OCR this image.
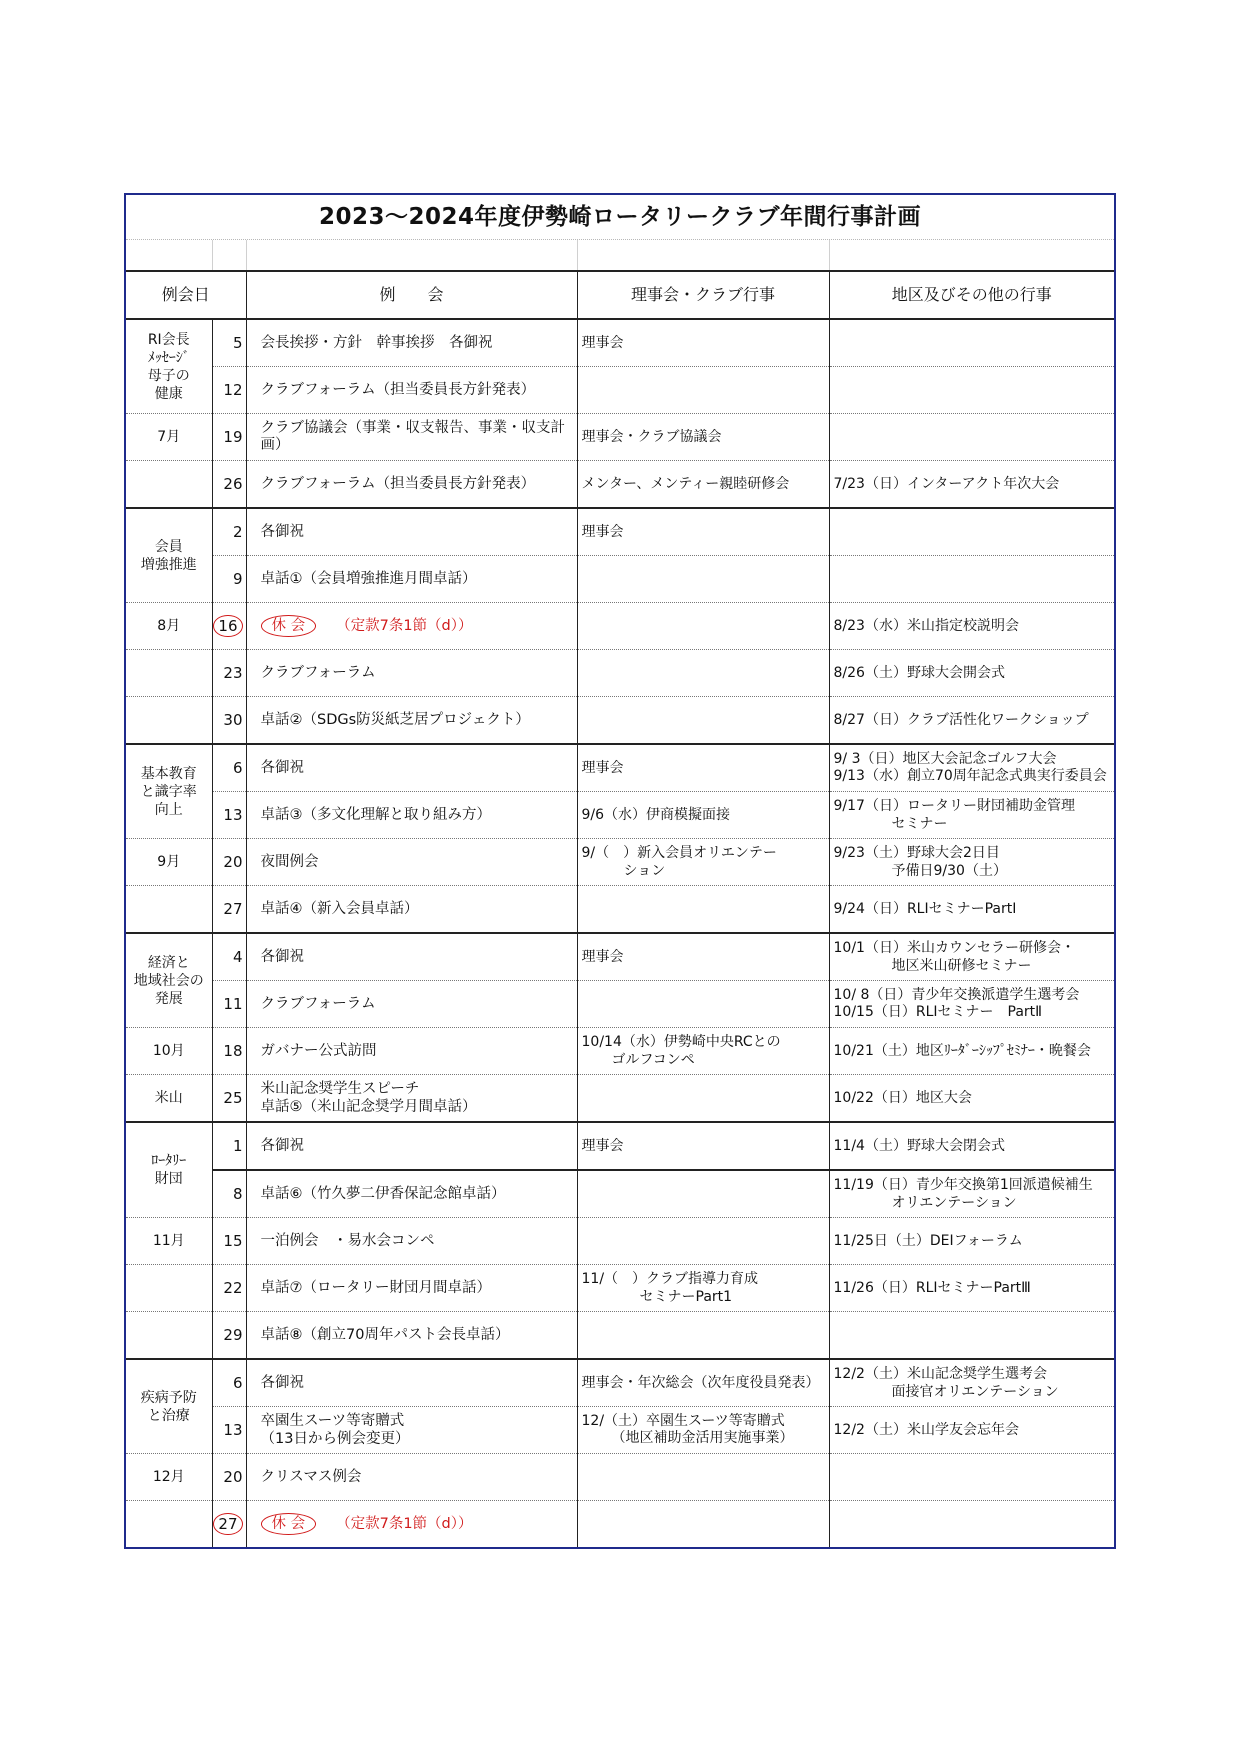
2023～2024年度伊勢崎ロータリークラブ年間行事計画

例会日		例　　会	理事会・クラブ行事	地区及びその他の行事

RI会長
ﾒｯｾｰｼﾞ
母子の
健康	5	会長挨拶・方針　幹事挨拶　各御祝	理事会	
	12	クラブフォーラム（担当委員長方針発表）		
7月	19	クラブ協議会（事業・収支報告、事業・収支計画）	理事会・クラブ協議会	
	26	クラブフォーラム（担当委員長方針発表）	メンター、メンティー親睦研修会	7/23（日）インターアクト年次大会

会員
増強推進	2	各御祝	理事会	
	9	卓話①（会員増強推進月間卓話）		
8月	16	休 会 （定款7条1節（d））		8/23（水）米山指定校説明会
	23	クラブフォーラム		8/26（土）野球大会開会式
	30	卓話②（SDGs防災紙芝居プロジェクト）		8/27（日）クラブ活性化ワークショップ

基本教育
と識字率
向上	6	各御祝	理事会	9/ 3（日）地区大会記念ゴルフ大会
9/13（水）創立70周年記念式典実行委員会

	13	卓話③（多文化理解と取り組み方）	9/6（水）伊商模擬面接	9/17（日）ロータリー財団補助金管理
セミナー

9月	20	夜間例会	9/（　）新入会員オリエンテー
ション	9/23（土）野球大会2日目
予備日9/30（土）

	27	卓話④（新入会員卓話）		9/24（日）RLIセミナーPartⅠ

経済と
地域社会の
発展	4	各御祝	理事会	10/1（日）米山カウンセラー研修会・
地区米山研修セミナー

	11	クラブフォーラム		10/ 8（日）青少年交換派遣学生選考会
10/15（日）RLIセミナー　PartⅡ

10月	18	ガバナー公式訪問	10/14（水）伊勢崎中央RCとの
ゴルフコンペ	10/21（土）地区ﾘｰﾀﾞｰｼｯﾌﾟｾﾐﾅｰ・晩餐会
米山	25	米山記念奨学生スピーチ
卓話⑤（米山記念奨学月間卓話）		10/22（日）地区大会

ﾛｰﾀﾘｰ
財団	1	各御祝	理事会	11/4（土）野球大会閉会式
	8	卓話⑥（竹久夢二伊香保記念館卓話）		11/19（日）青少年交換第1回派遣候補生
オリエンテーション

11月	15	一泊例会　・易水会コンペ		11/25日（土）DEIフォーラム
	22	卓話⑦（ロータリー財団月間卓話）	11/（　）クラブ指導力育成
セミナーPart1	11/26（日）RLIセミナーPartⅢ
	29	卓話⑧（創立70周年パスト会長卓話）		

疾病予防
と治療	6	各御祝	理事会・年次総会（次年度役員発表）	12/2（土）米山記念奨学生選考会
面接官オリエンテーション

	13	卒園生スーツ等寄贈式
（13日から例会変更）	12/（土）卒園生スーツ等寄贈式
（地区補助金活用実施事業）	12/2（土）米山学友会忘年会
12月	20	クリスマス例会		
	27	休 会 （定款7条1節（d））		
